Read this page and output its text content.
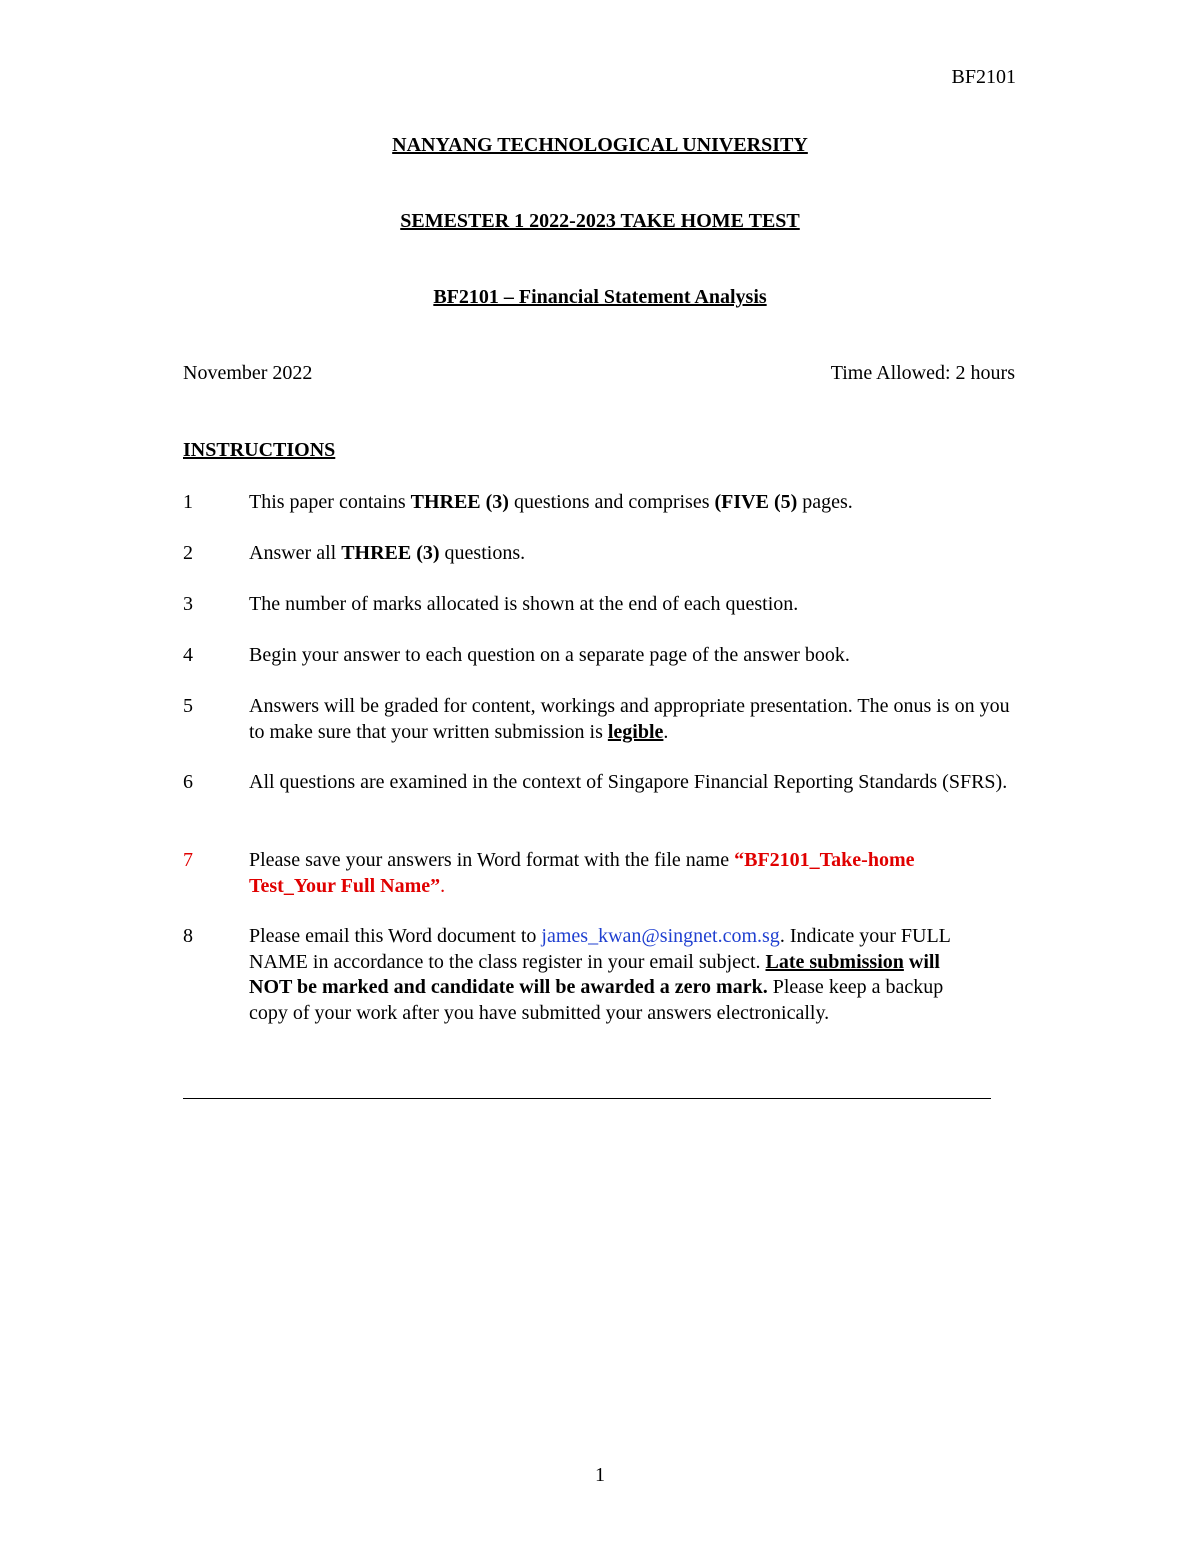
BF2101
NANYANG TECHNOLOGICAL UNIVERSITY
SEMESTER 1 2022-2023 TAKE HOME TEST
BF2101 – Financial Statement Analysis
November 2022	Time Allowed: 2 hours
INSTRUCTIONS
1	This paper contains THREE (3) questions and comprises (FIVE (5) pages.
2	Answer all THREE (3) questions.
3	The number of marks allocated is shown at the end of each question.
4	Begin your answer to each question on a separate page of the answer book.
5	Answers will be graded for content, workings and appropriate presentation. The onus is on you to make sure that your written submission is legible.
6	All questions are examined in the context of Singapore Financial Reporting Standards (SFRS).
7	Please save your answers in Word format with the file name “BF2101_Take-home Test_Your Full Name”.
8	Please email this Word document to james_kwan@singnet.com.sg. Indicate your FULL NAME in accordance to the class register in your email subject. Late submission will NOT be marked and candidate will be awarded a zero mark. Please keep a backup copy of your work after you have submitted your answers electronically.
1
